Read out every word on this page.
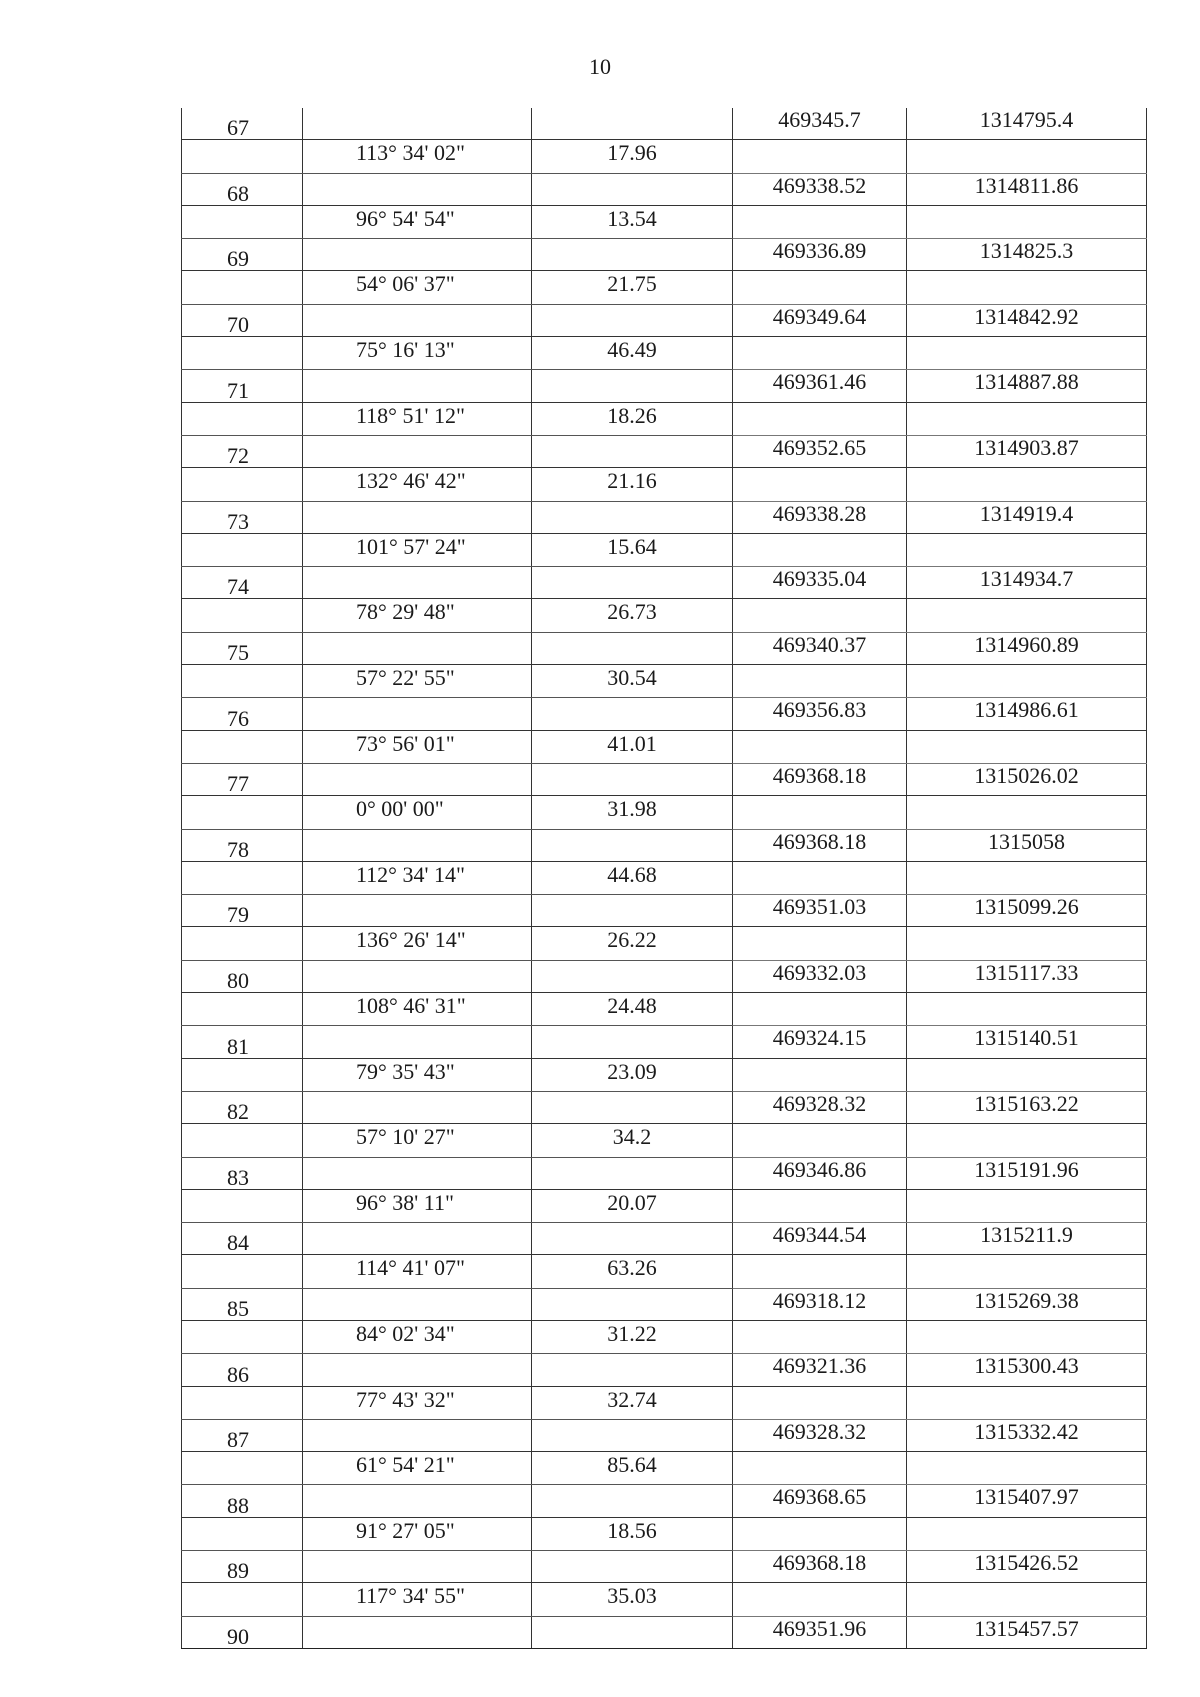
10
67			469345.7	1314795.4
	113° 34' 02"	17.96		
68			469338.52	1314811.86
	96° 54' 54"	13.54		
69			469336.89	1314825.3
	54° 06' 37"	21.75		
70			469349.64	1314842.92
	75° 16' 13"	46.49		
71			469361.46	1314887.88
	118° 51' 12"	18.26		
72			469352.65	1314903.87
	132° 46' 42"	21.16		
73			469338.28	1314919.4
	101° 57' 24"	15.64		
74			469335.04	1314934.7
	78° 29' 48"	26.73		
75			469340.37	1314960.89
	57° 22' 55"	30.54		
76			469356.83	1314986.61
	73° 56' 01"	41.01		
77			469368.18	1315026.02
	0° 00' 00"	31.98		
78			469368.18	1315058
	112° 34' 14"	44.68		
79			469351.03	1315099.26
	136° 26' 14"	26.22		
80			469332.03	1315117.33
	108° 46' 31"	24.48		
81			469324.15	1315140.51
	79° 35' 43"	23.09		
82			469328.32	1315163.22
	57° 10' 27"	34.2		
83			469346.86	1315191.96
	96° 38' 11"	20.07		
84			469344.54	1315211.9
	114° 41' 07"	63.26		
85			469318.12	1315269.38
	84° 02' 34"	31.22		
86			469321.36	1315300.43
	77° 43' 32"	32.74		
87			469328.32	1315332.42
	61° 54' 21"	85.64		
88			469368.65	1315407.97
	91° 27' 05"	18.56		
89			469368.18	1315426.52
	117° 34' 55"	35.03		
90			469351.96	1315457.57
